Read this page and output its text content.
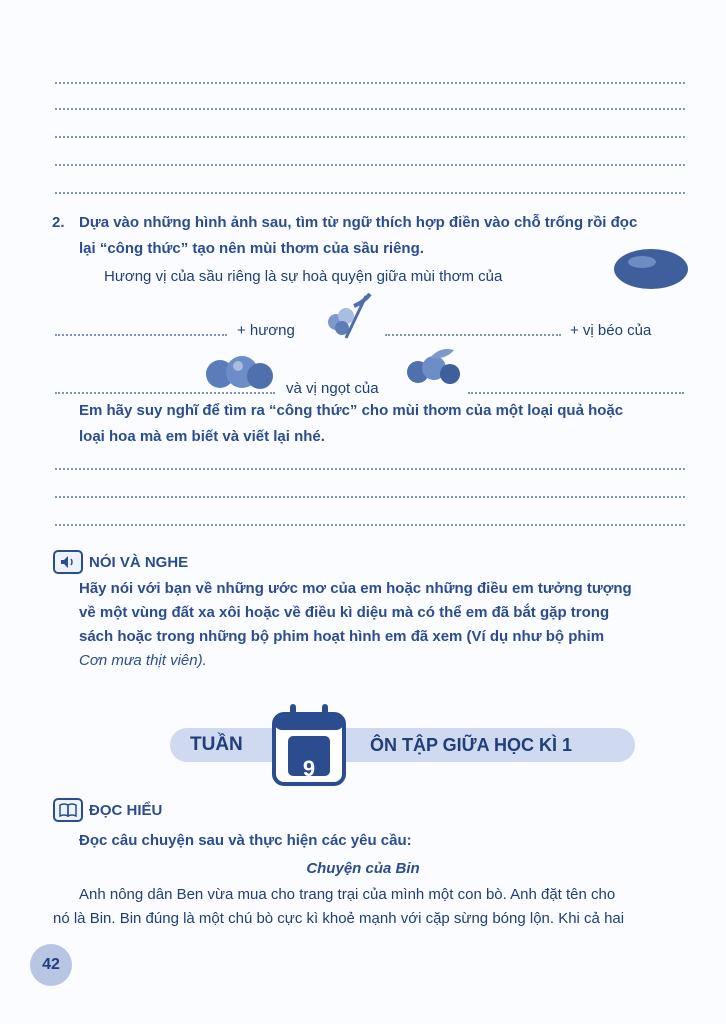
2. Dựa vào những hình ảnh sau, tìm từ ngữ thích hợp điền vào chỗ trống rồi đọc
lại “công thức” tạo nên mùi thơm của sầu riêng.
Hương vị của sầu riêng là sự hoà quyện giữa mùi thơm của
+ hương	+ vị béo của
và vị ngọt của
Em hãy suy nghĩ để tìm ra “công thức” cho mùi thơm của một loại quả hoặc
loại hoa mà em biết và viết lại nhé.
NÓI VÀ NGHE
Hãy nói với bạn về những ước mơ của em hoặc những điều em tưởng tượng
về một vùng đất xa xôi hoặc về điều kì diệu mà có thể em đã bắt gặp trong
sách hoặc trong những bộ phim hoạt hình em đã xem (Ví dụ như bộ phim
Cơn mưa thịt viên).
TUẦN	ÔN TẬP GIỮA HỌC KÌ 1
9
ĐỌC HIỂU
Đọc câu chuyện sau và thực hiện các yêu cầu:
Chuyện của Bin
Anh nông dân Ben vừa mua cho trang trại của mình một con bò. Anh đặt tên cho
nó là Bin. Bin đúng là một chú bò cực kì khoẻ mạnh với cặp sừng bóng lộn. Khi cả hai
42
